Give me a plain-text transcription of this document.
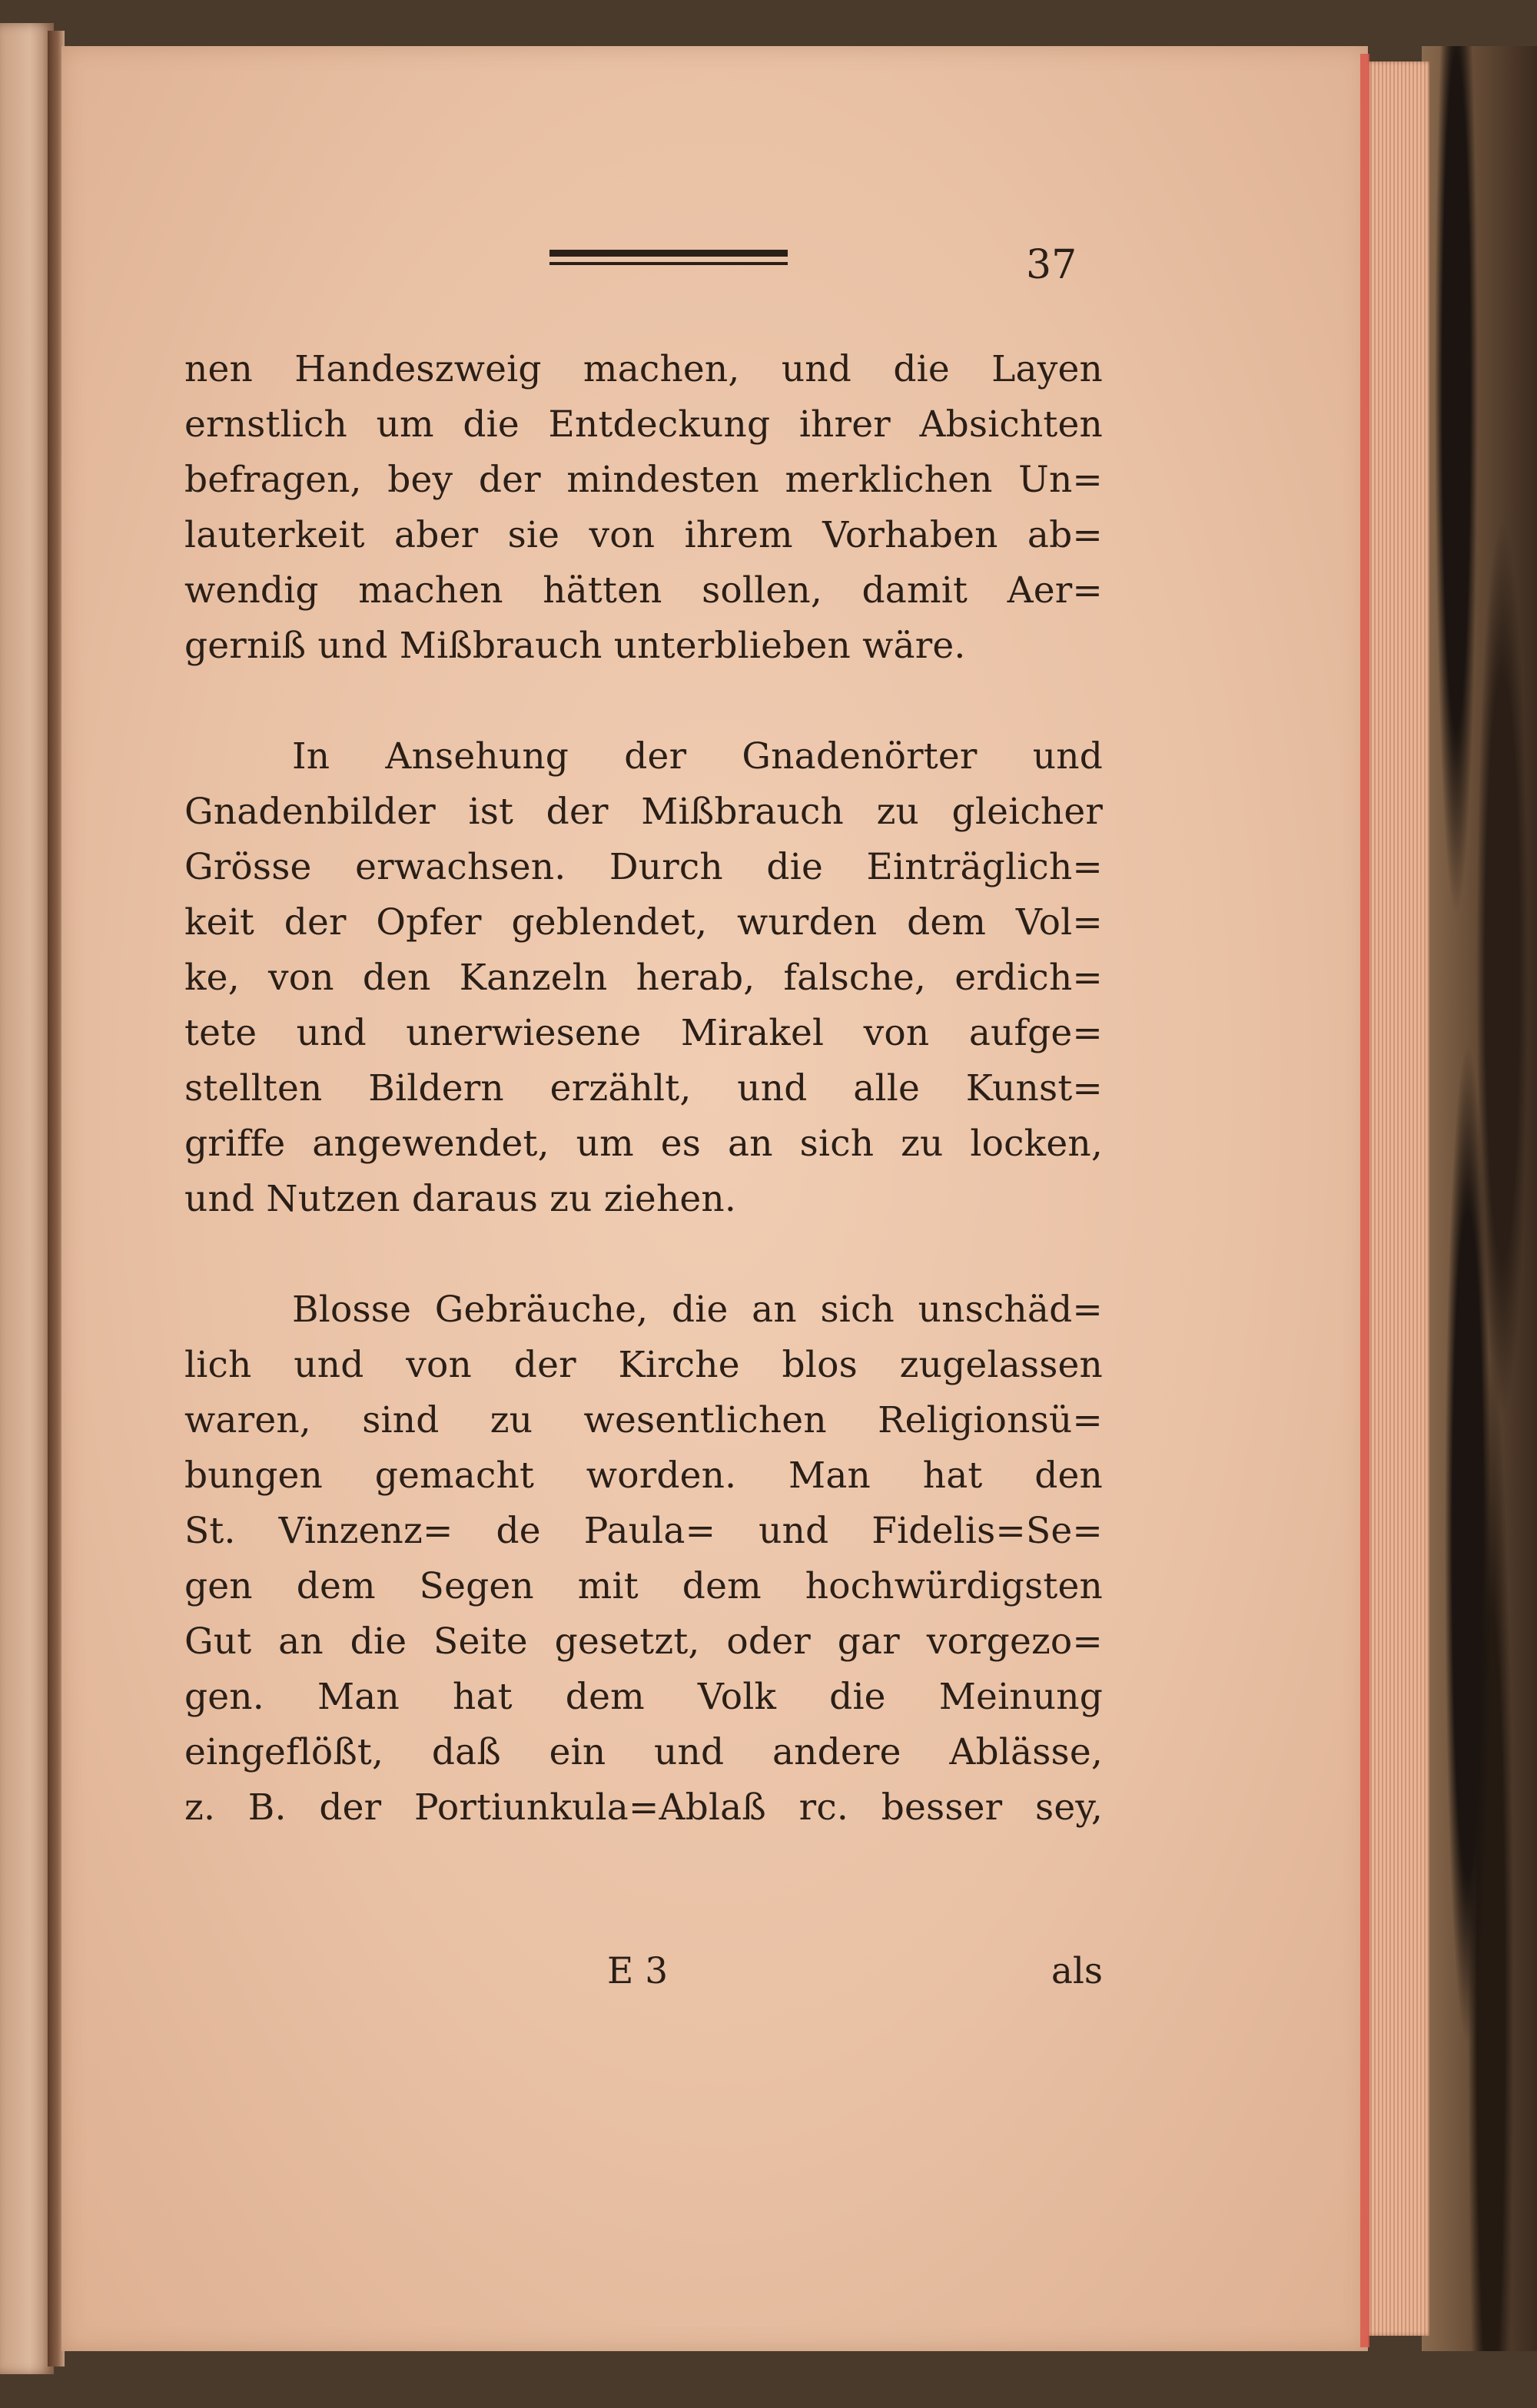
37
nen Handeszweig machen, und die Layen
ernstlich um die Entdeckung ihrer Absichten
befragen, bey der mindesten merklichen Un=
lauterkeit aber sie von ihrem Vorhaben ab=
wendig machen hätten sollen, damit Aer=
gerniß und Mißbrauch unterblieben wäre.
In Ansehung der Gnadenörter und
Gnadenbilder ist der Mißbrauch zu gleicher
Grösse erwachsen. Durch die Einträglich=
keit der Opfer geblendet, wurden dem Vol=
ke, von den Kanzeln herab, falsche, erdich=
tete und unerwiesene Mirakel von aufge=
stellten Bildern erzählt, und alle Kunst=
griffe angewendet, um es an sich zu locken,
und Nutzen daraus zu ziehen.
Blosse Gebräuche, die an sich unschäd=
lich und von der Kirche blos zugelassen
waren, sind zu wesentlichen Religionsü=
bungen gemacht worden. Man hat den
St. Vinzenz= de Paula= und Fidelis=Se=
gen dem Segen mit dem hochwürdigsten
Gut an die Seite gesetzt, oder gar vorgezo=
gen. Man hat dem Volk die Meinung
eingeflößt, daß ein und andere Ablässe,
z. B. der Portiunkula=Ablaß rc. besser sey,
E 3	als
